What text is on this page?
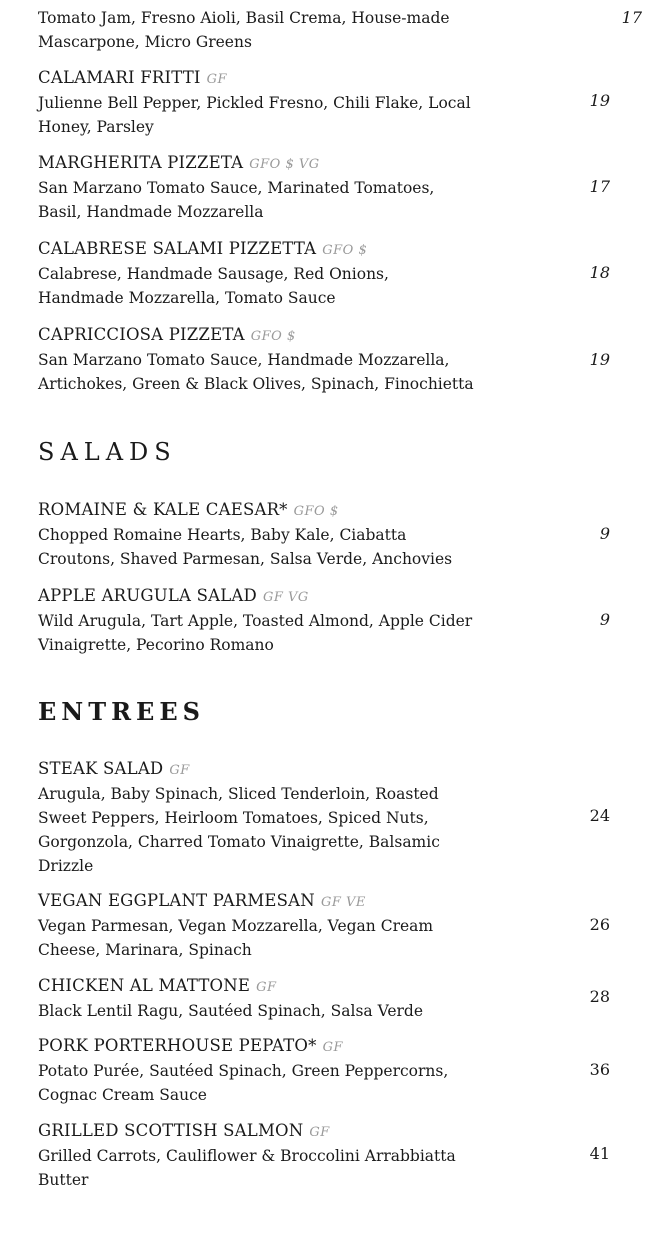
Tomato Jam, Fresno Aioli, Basil Crema, House-made Mascarpone, Micro Greens
17
CALAMARI FRITTI GF
Julienne Bell Pepper, Pickled Fresno, Chili Flake, Local Honey, Parsley
19
MARGHERITA PIZZETA GFO $ VG
San Marzano Tomato Sauce, Marinated Tomatoes, Basil, Handmade Mozzarella
17
CALABRESE SALAMI PIZZETTA GFO $
Calabrese, Handmade Sausage, Red Onions, Handmade Mozzarella, Tomato Sauce
18
CAPRICCIOSA PIZZETA GFO $
San Marzano Tomato Sauce, Handmade Mozzarella, Artichokes, Green & Black Olives, Spinach, Finochietta
19
SALADS
ROMAINE & KALE CAESAR* GFO $
Chopped Romaine Hearts, Baby Kale, Ciabatta Croutons, Shaved Parmesan, Salsa Verde, Anchovies
9
APPLE ARUGULA SALAD GF VG
Wild Arugula, Tart Apple, Toasted Almond, Apple Cider Vinaigrette, Pecorino Romano
9
ENTREES
STEAK SALAD GF
Arugula, Baby Spinach, Sliced Tenderloin, Roasted Sweet Peppers, Heirloom Tomatoes, Spiced Nuts, Gorgonzola, Charred Tomato Vinaigrette, Balsamic Drizzle
24
VEGAN EGGPLANT PARMESAN GF VE
Vegan Parmesan, Vegan Mozzarella, Vegan Cream Cheese, Marinara, Spinach
26
CHICKEN AL MATTONE GF
Black Lentil Ragu, Sautéed Spinach, Salsa Verde
28
PORK PORTERHOUSE PEPATO* GF
Potato Purée, Sautéed Spinach, Green Peppercorns, Cognac Cream Sauce
36
GRILLED SCOTTISH SALMON GF
Grilled Carrots, Cauliflower & Broccolini Arrabbiatta Butter
41
